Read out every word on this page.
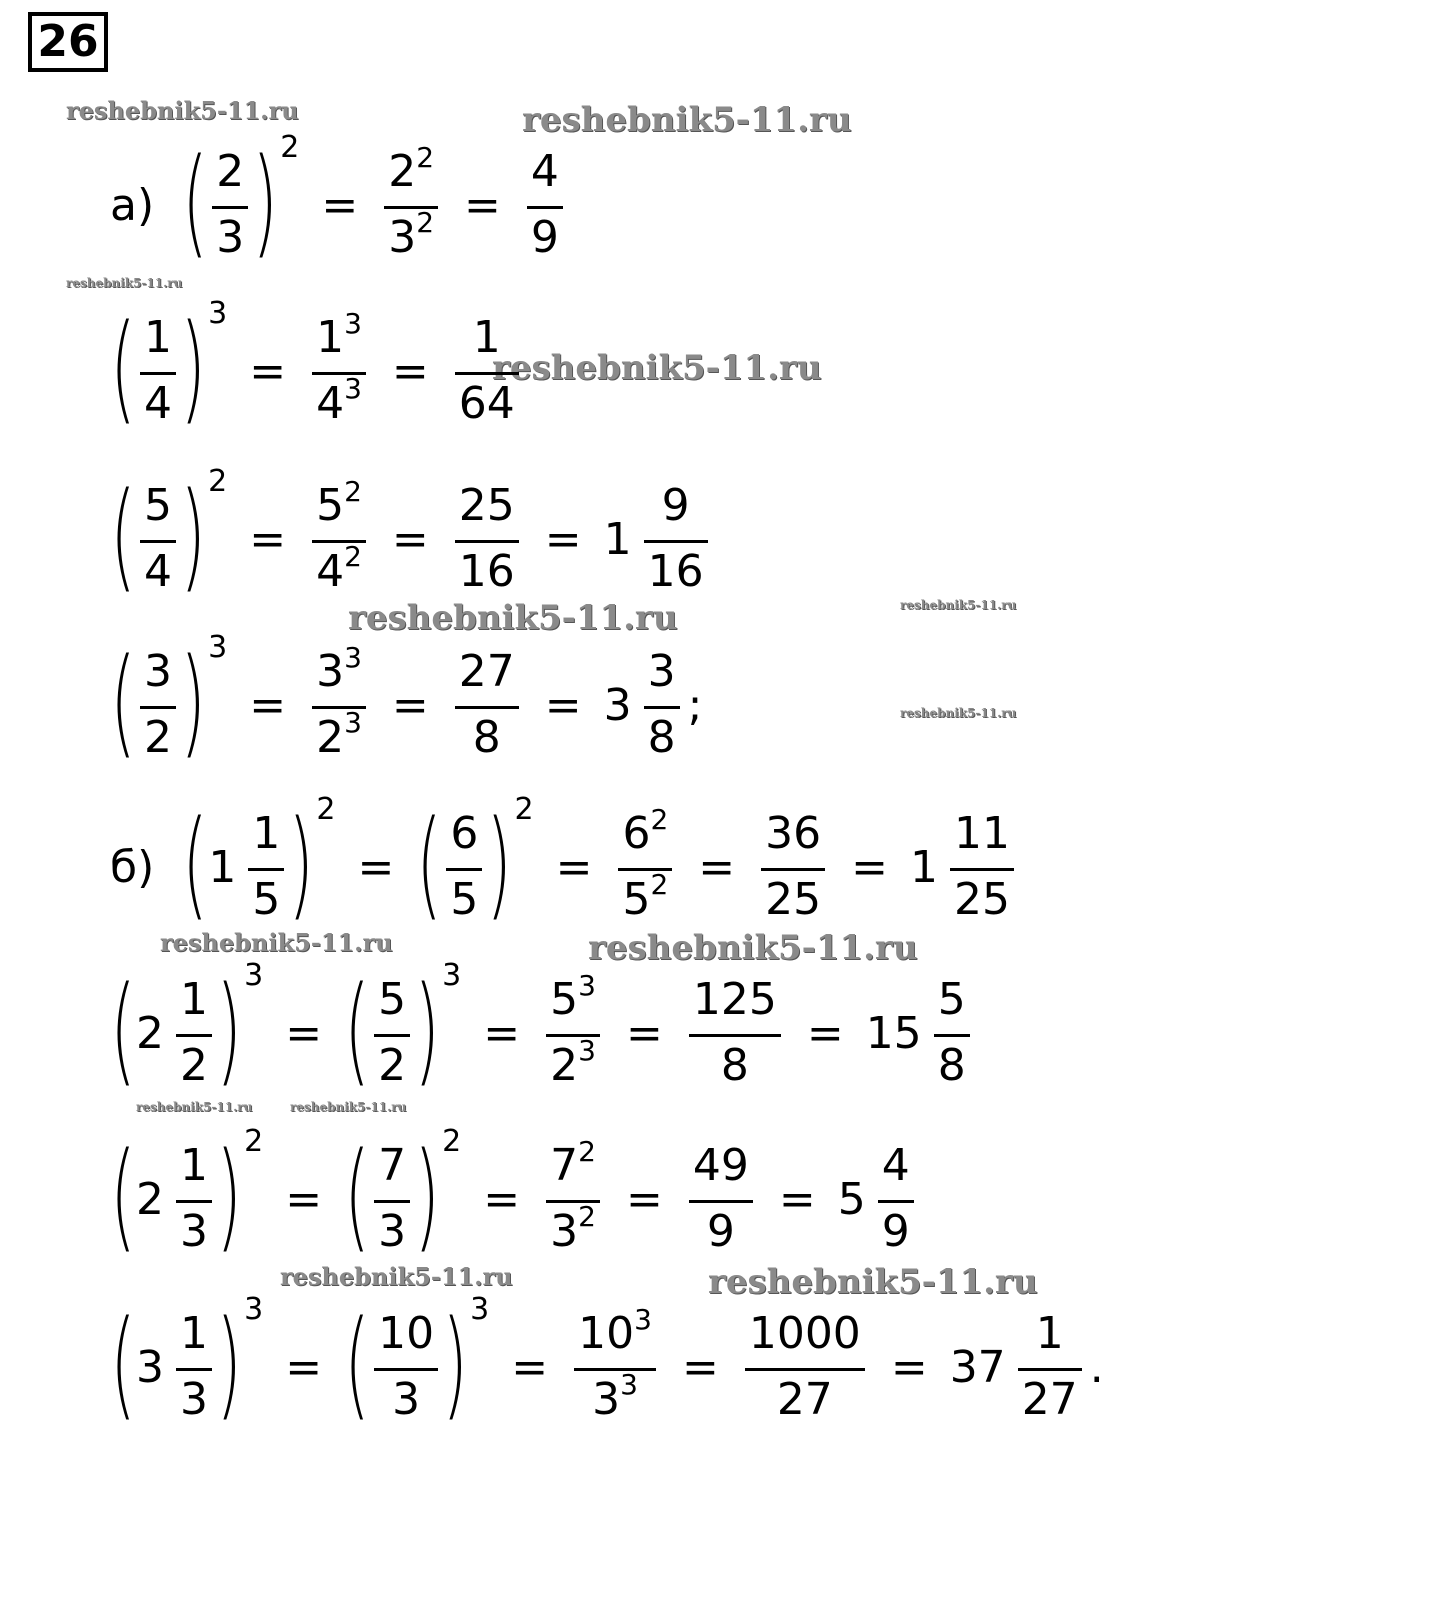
26
reshebnik5-11.ru	reshebnik5-11.ru
reshebnik5-11.ru
reshebnik5-11.ru
reshebnik5-11.ru	reshebnik5-11.ru
reshebnik5-11.ru
reshebnik5-11.ru	reshebnik5-11.ru
reshebnik5-11.ru	reshebnik5-11.ru
reshebnik5-11.ru	reshebnik5-11.ru
а) ( $\frac{2}{3}$ ) 2
= $\frac{2^2}{3^2} = \frac{4}{9}$
( $\frac{1}{4}$ ) 3
= $\frac{1^3}{4^3} = \frac{1}{64}$
( $\frac{5}{4}$ ) 2
= $\frac{5^2}{4^2} = \frac{25}{16} = 1 \frac{9}{16}$
( $\frac{3}{2}$ ) 3
= $\frac{3^3}{2^3} = \frac{27}{8} = 3 \frac{3}{8}$ ;
б) ( $1 \frac{1}{5}$ ) 2
= ( $\frac{6}{5}$ ) 2
= $\frac{6^2}{5^2} = \frac{36}{25} = 1 \frac{11}{25}$
( $2 \frac{1}{2}$ ) 3
= ( $\frac{5}{2}$ ) 3
= $\frac{5^3}{2^3} = \frac{125}{8} = 15 \frac{5}{8}$
( $2 \frac{1}{3}$ ) 2
= ( $\frac{7}{3}$ ) 2
= $\frac{7^2}{3^2} = \frac{49}{9} = 5 \frac{4}{9}$
( $3 \frac{1}{3}$ ) 3
= ( $\frac{10}{3}$ ) 3
= $\frac{10^3}{3^3} = \frac{1000}{27} = 37 \frac{1}{27}$ .
